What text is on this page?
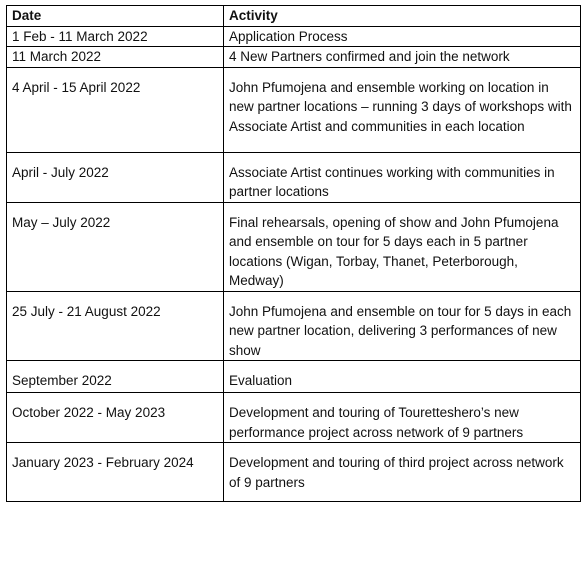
Date	Activity
1 Feb - 11 March 2022	Application Process
11 March 2022	4 New Partners confirmed and join the network
4 April - 15 April 2022	John Pfumojena and ensemble working on location in new partner locations – running 3 days of workshops with Associate Artist and communities in each location
April - July 2022	Associate Artist continues working with communities in partner locations
May – July 2022	Final rehearsals, opening of show and John Pfumojena and ensemble on tour for 5 days each in 5 partner locations (Wigan, Torbay, Thanet, Peterborough, Medway)
25 July - 21 August 2022	John Pfumojena and ensemble on tour for 5 days in each new partner location, delivering 3 performances of new show
September 2022	Evaluation
October 2022 - May 2023	Development and touring of Touretteshero’s new performance project across network of 9 partners
January 2023 - February 2024	Development and touring of third project across network of 9 partners
